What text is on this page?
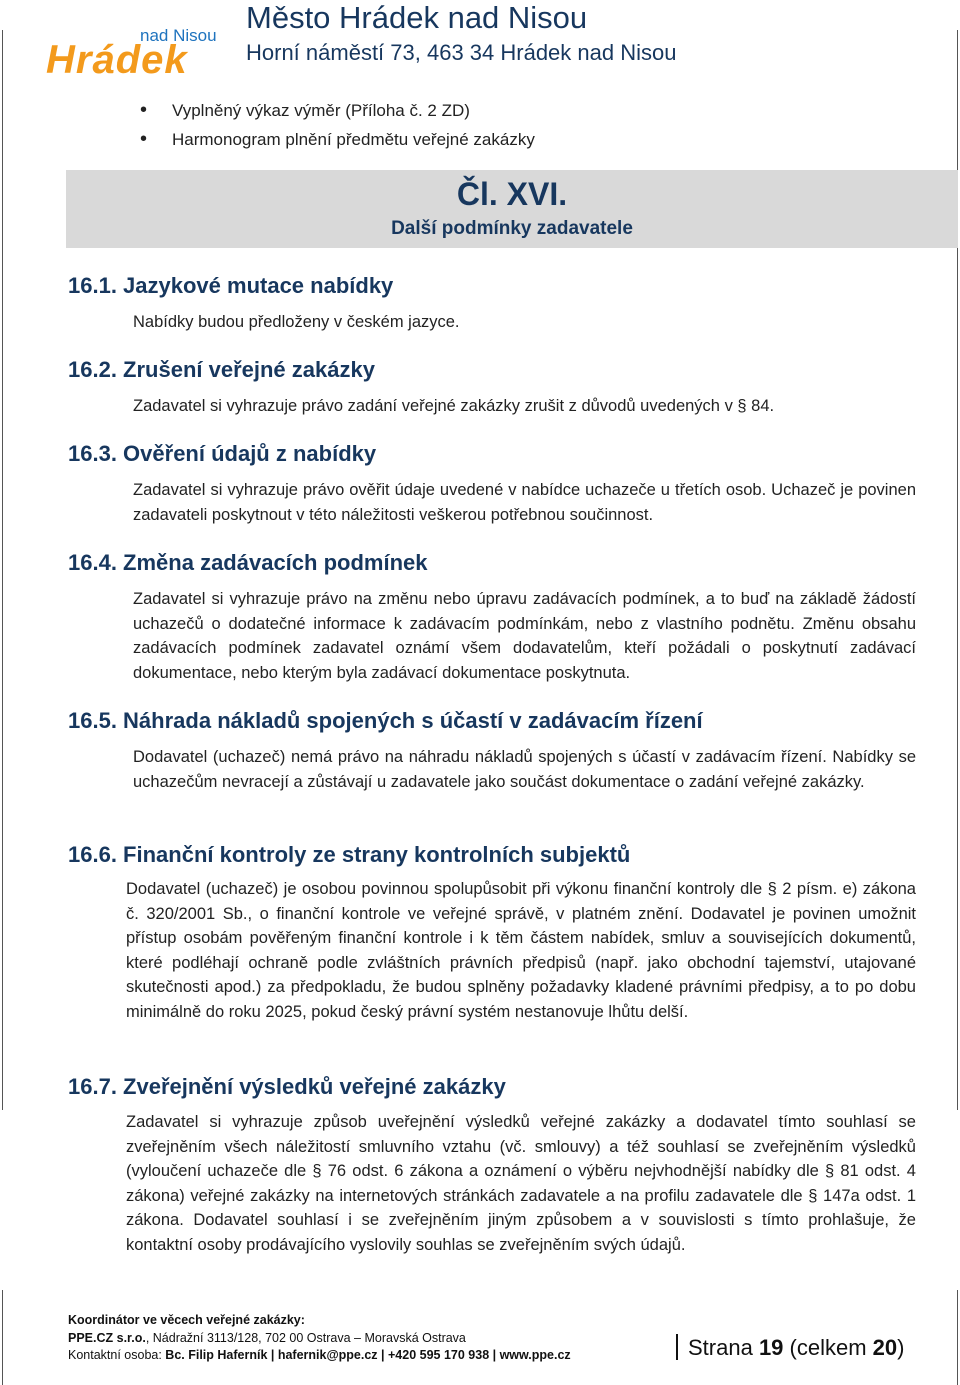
nad Nisou
Hrádek
Město Hrádek nad Nisou
Horní náměstí 73, 463 34 Hrádek nad Nisou
• Vyplněný výkaz výměr (Příloha č. 2 ZD)
• Harmonogram plnění předmětu veřejné zakázky
Čl. XVI.
Další podmínky zadavatele
16.1. Jazykové mutace nabídky

Nabídky budou předloženy v českém jazyce.

16.2. Zrušení veřejné zakázky

Zadavatel si vyhrazuje právo zadání veřejné zakázky zrušit z důvodů uvedených v § 84.

16.3. Ověření údajů z nabídky

Zadavatel si vyhrazuje právo ověřit údaje uvedené v nabídce uchazeče u třetích osob. Uchazeč je povinen zadavateli poskytnout v této náležitosti veškerou potřebnou součinnost.

16.4. Změna zadávacích podmínek

Zadavatel si vyhrazuje právo na změnu nebo úpravu zadávacích podmínek, a to buď na základě žádostí uchazečů o dodatečné informace k zadávacím podmínkám, nebo z vlastního podnětu. Změnu obsahu zadávacích podmínek zadavatel oznámí všem dodavatelům, kteří požádali o poskytnutí zadávací dokumentace, nebo kterým byla zadávací dokumentace poskytnuta.

16.5. Náhrada nákladů spojených s účastí v zadávacím řízení

Dodavatel (uchazeč) nemá právo na náhradu nákladů spojených s účastí v zadávacím řízení. Nabídky se uchazečům nevracejí a zůstávají u zadavatele jako součást dokumentace o zadání veřejné zakázky.

16.6. Finanční kontroly ze strany kontrolních subjektů

Dodavatel (uchazeč) je osobou povinnou spolupůsobit při výkonu finanční kontroly dle § 2 písm. e) zákona č. 320/2001 Sb., o finanční kontrole ve veřejné správě, v platném znění. Dodavatel je povinen umožnit přístup osobám pověřeným finanční kontrole i k těm částem nabídek, smluv a souvisejících dokumentů, které podléhají ochraně podle zvláštních právních předpisů (např. jako obchodní tajemství, utajované skutečnosti apod.) za předpokladu, že budou splněny požadavky kladené právními předpisy, a to po dobu minimálně do roku 2025, pokud český právní systém nestanovuje lhůtu delší.

16.7. Zveřejnění výsledků veřejné zakázky

Zadavatel si vyhrazuje způsob uveřejnění výsledků veřejné zakázky a dodavatel tímto souhlasí se zveřejněním všech náležitostí smluvního vztahu (vč. smlouvy) a též souhlasí se zveřejněním výsledků (vyloučení uchazeče dle § 76 odst. 6 zákona a oznámení o výběru nejvhodnější nabídky dle § 81 odst. 4 zákona) veřejné zakázky na internetových stránkách zadavatele a na profilu zadavatele dle § 147a odst. 1 zákona. Dodavatel souhlasí i se zveřejněním jiným způsobem a v souvislosti s tímto prohlašuje, že kontaktní osoby prodávajícího vyslovily souhlas se zveřejněním svých údajů.

Koordinátor ve věcech veřejné zakázky:
PPE.CZ s.r.o., Nádražní 3113/128, 702 00 Ostrava – Moravská Ostrava
Kontaktní osoba: Bc. Filip Haferník | hafernik@ppe.cz | +420 595 170 938 | www.ppe.cz	Strana 19 (celkem 20)
